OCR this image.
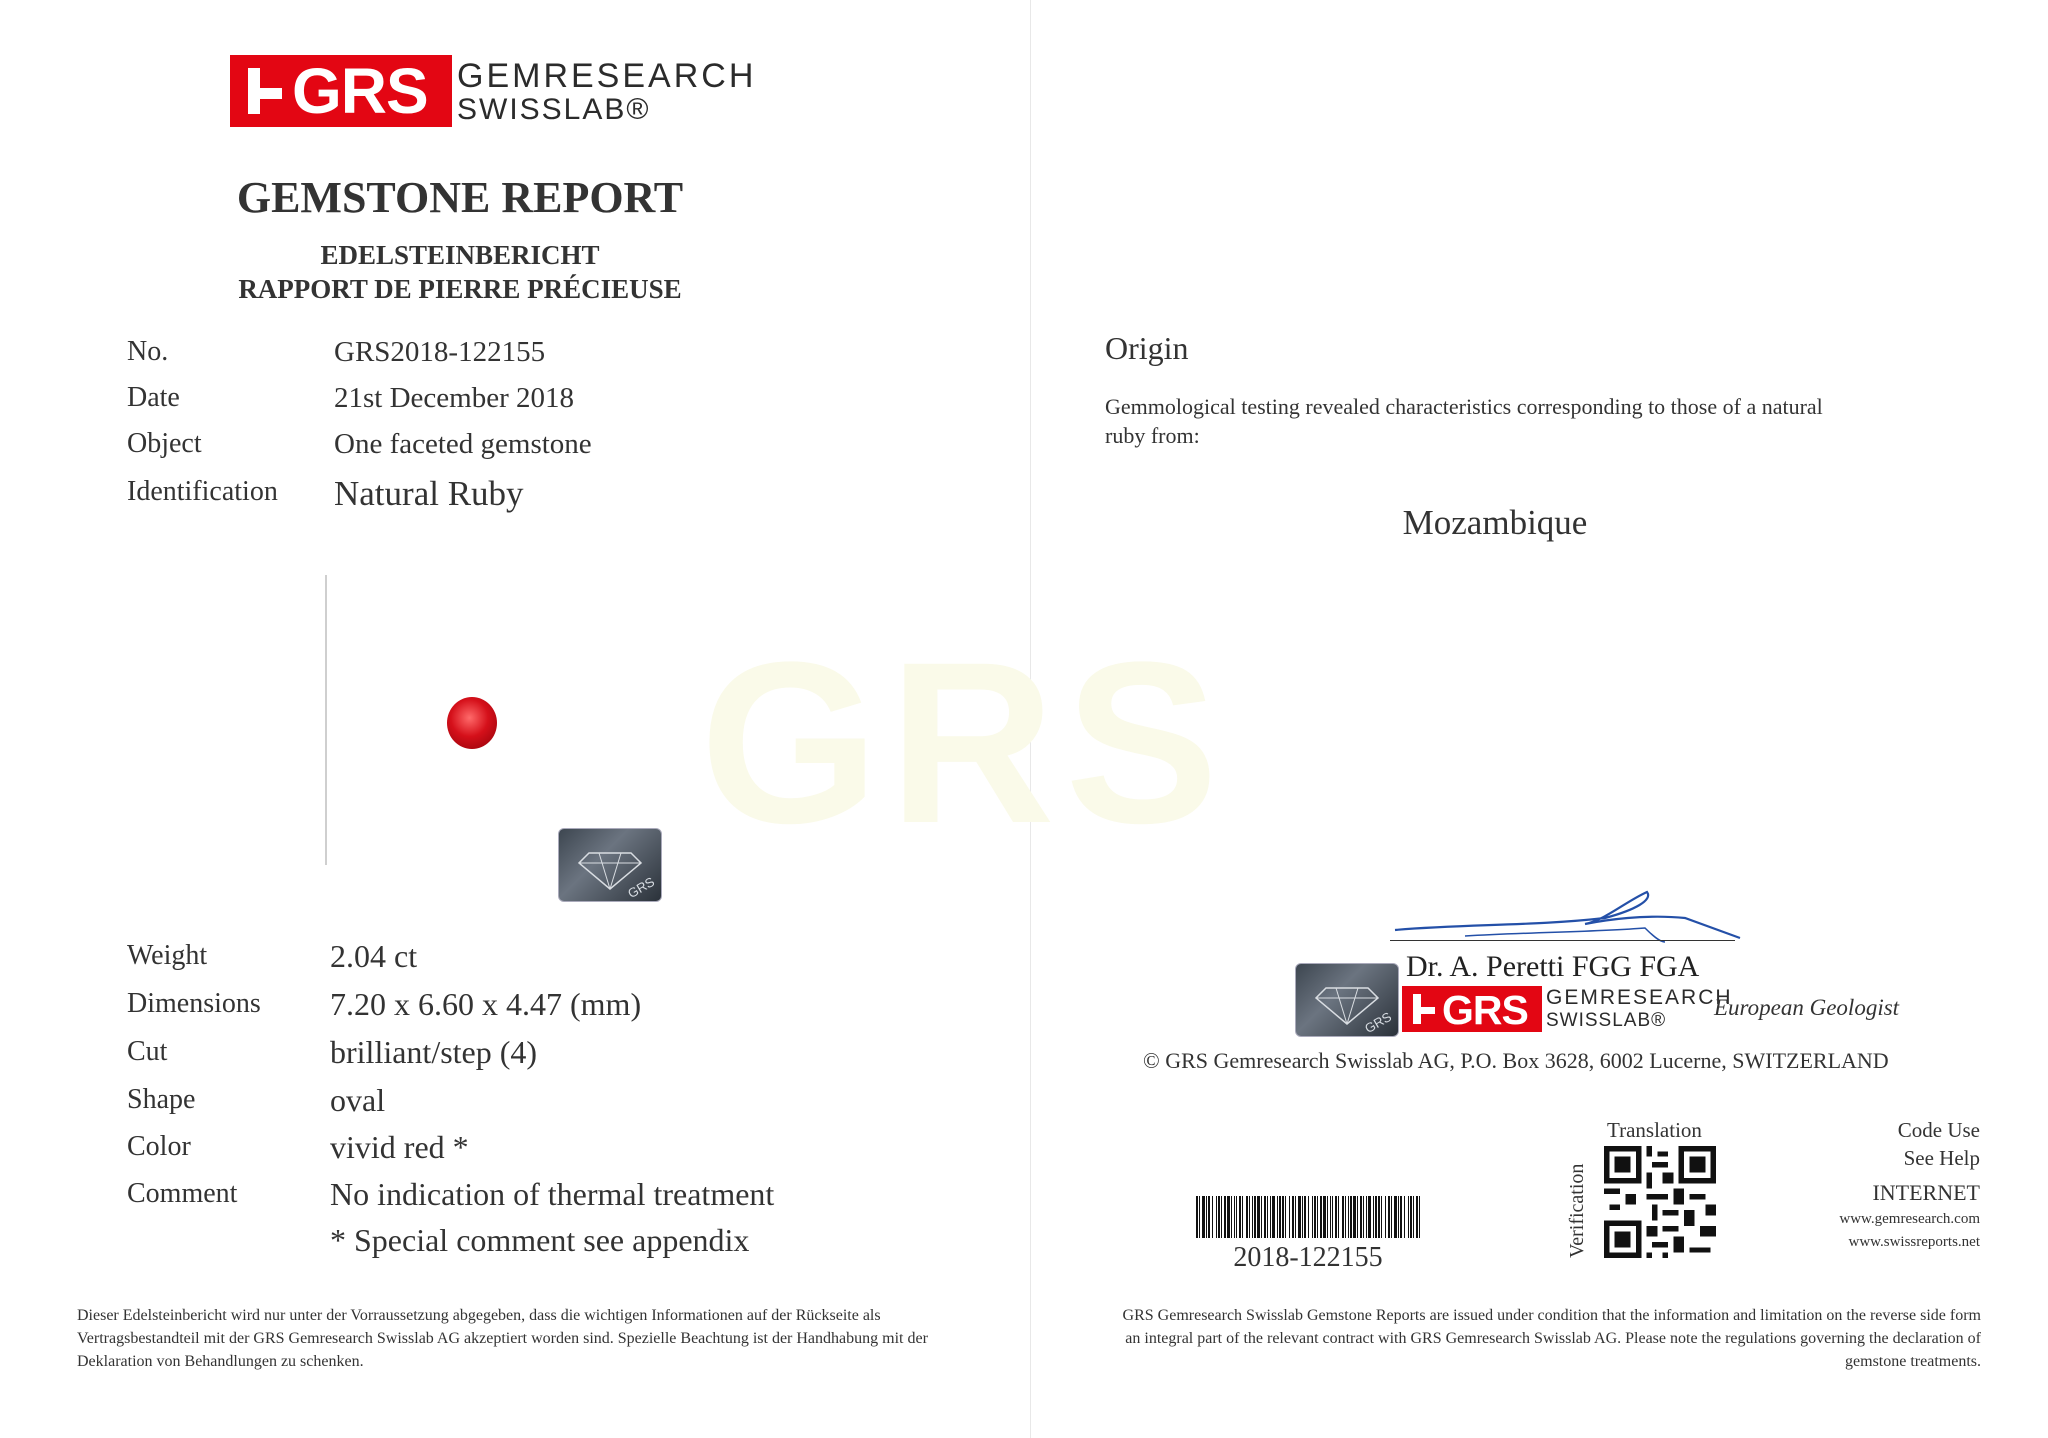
GRS
GRS GEMRESEARCH
SWISSLAB®
GEMSTONE REPORT
EDELSTEINBERICHT
RAPPORT DE PIERRE PRÉCIEUSE
No.	GRS2018-122155
Date	21st December 2018
Object	One faceted gemstone
Identification Natural Ruby
GRS
Weight	2.04 ct
Dimensions 7.20 x 6.60 x 4.47 (mm)
Cut	brilliant/step (4)
Shape	oval
Color	vivid red *
Comment	No indication of thermal treatment
* Special comment see appendix
Dieser Edelsteinbericht wird nur unter der Vorraussetzung abgegeben, dass die wichtigen Informationen auf der Rückseite als Vertragsbestandteil mit der GRS Gemresearch Swisslab AG akzeptiert worden sind. Spezielle Beachtung ist der Handhabung mit der Deklaration von Behandlungen zu schenken.
Origin
Gemmological testing revealed characteristics corresponding to those of a natural ruby from:
Mozambique
GRS
Dr. A. Peretti FGG FGA
GRS GEMRESEARCH
SWISSLAB®
European Geologist
© GRS Gemresearch Swisslab AG, P.O. Box 3628, 6002 Lucerne, SWITZERLAND
Translation
Verification
Code Use
See Help
INTERNET
www.gemresearch.com
www.swissreports.net
2018-122155
GRS Gemresearch Swisslab Gemstone Reports are issued under condition that the information and limitation on the reverse side form an integral part of the relevant contract with GRS Gemresearch Swisslab AG. Please note the regulations governing the declaration of gemstone treatments.
